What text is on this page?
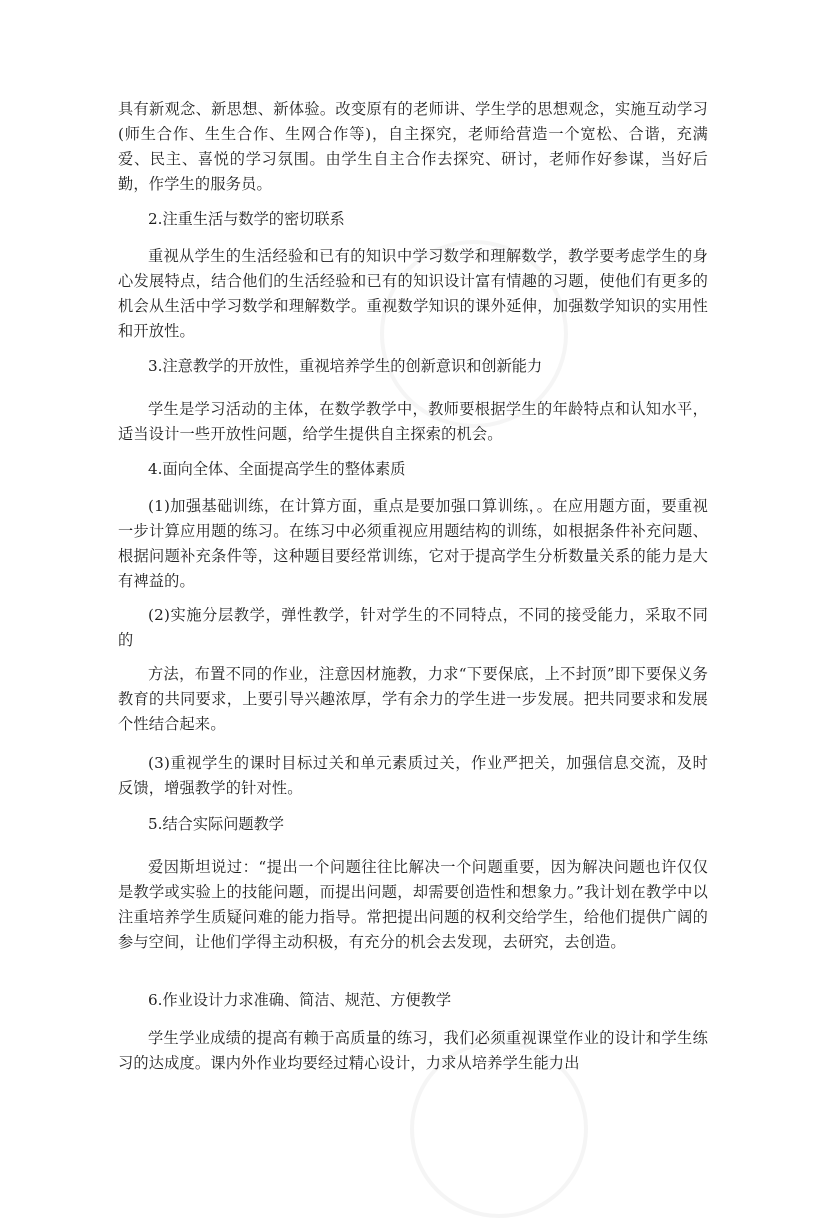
具有新观念、新思想、新体验。改变原有的老师讲、学生学的思想观念，实施互动学习(师生合作、生生合作、生网合作等)，自主探究，老师给营造一个宽松、合谐，充满爱、民主、喜悦的学习氛围。由学生自主合作去探究、研讨，老师作好参谋，当好后勤，作学生的服务员。
2.注重生活与数学的密切联系
重视从学生的生活经验和已有的知识中学习数学和理解数学，教学要考虑学生的身心发展特点，结合他们的生活经验和已有的知识设计富有情趣的习题，使他们有更多的机会从生活中学习数学和理解数学。重视数学知识的课外延伸，加强数学知识的实用性和开放性。
3.注意教学的开放性，重视培养学生的创新意识和创新能力
学生是学习活动的主体，在数学教学中，教师要根据学生的年龄特点和认知水平，适当设计一些开放性问题，给学生提供自主探索的机会。
4.面向全体、全面提高学生的整体素质
(1)加强基础训练，在计算方面，重点是要加强口算训练，。在应用题方面，要重视一步计算应用题的练习。在练习中必须重视应用题结构的训练，如根据条件补充问题、根据问题补充条件等，这种题目要经常训练，它对于提高学生分析数量关系的能力是大有裨益的。
(2)实施分层教学，弹性教学，针对学生的不同特点，不同的接受能力，采取不同的
方法，布置不同的作业，注意因材施教，力求“下要保底，上不封顶”即下要保义务教育的共同要求，上要引导兴趣浓厚，学有余力的学生进一步发展。把共同要求和发展个性结合起来。
(3)重视学生的课时目标过关和单元素质过关，作业严把关，加强信息交流，及时反馈，增强教学的针对性。
5.结合实际问题教学
爱因斯坦说过：“提出一个问题往往比解决一个问题重要，因为解决问题也许仅仅是教学或实验上的技能问题，而提出问题，却需要创造性和想象力。”我计划在教学中以注重培养学生质疑问难的能力指导。常把提出问题的权利交给学生，给他们提供广阔的参与空间，让他们学得主动积极，有充分的机会去发现，去研究，去创造。
6.作业设计力求准确、简洁、规范、方便教学
学生学业成绩的提高有赖于高质量的练习，我们必须重视课堂作业的设计和学生练习的达成度。课内外作业均要经过精心设计，力求从培养学生能力出
